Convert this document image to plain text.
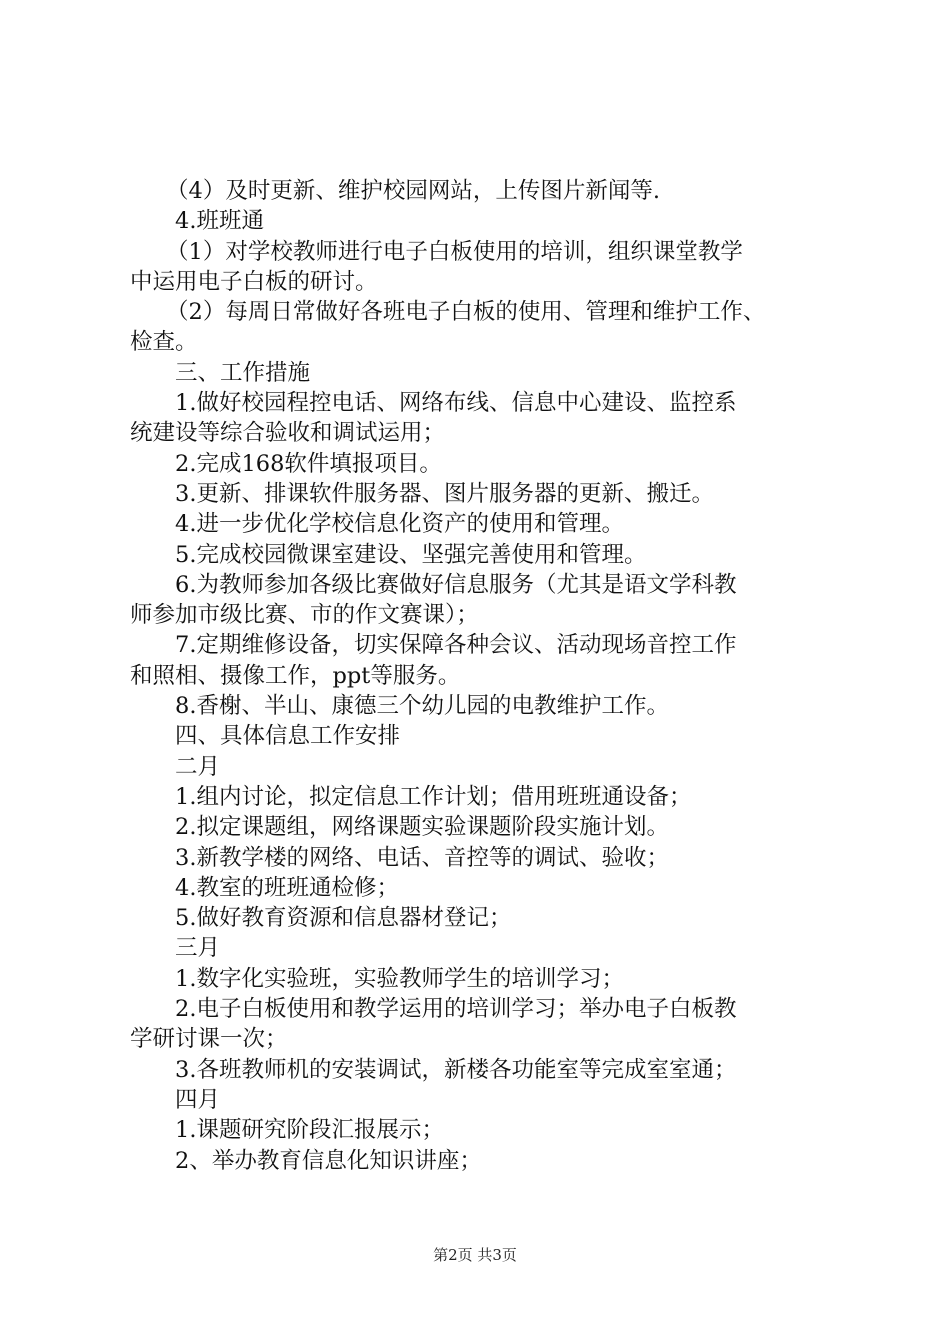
（4）及时更新、维护校园网站，上传图片新闻等.
4.班班通
（1）对学校教师进行电子白板使用的培训，组织课堂教学
中运用电子白板的研讨。
（2）每周日常做好各班电子白板的使用、管理和维护工作、
检查。
三、工作措施
1.做好校园程控电话、网络布线、信息中心建设、监控系
统建设等综合验收和调试运用；
2.完成168软件填报项目。
3.更新、排课软件服务器、图片服务器的更新、搬迁。
4.进一步优化学校信息化资产的使用和管理。
5.完成校园微课室建设、坚强完善使用和管理。
6.为教师参加各级比赛做好信息服务（尤其是语文学科教
师参加市级比赛、市的作文赛课）；
7.定期维修设备，切实保障各种会议、活动现场音控工作
和照相、摄像工作，ppt等服务。
8.香榭、半山、康德三个幼儿园的电教维护工作。
四、具体信息工作安排
二月
1.组内讨论，拟定信息工作计划；借用班班通设备；
2.拟定课题组，网络课题实验课题阶段实施计划。
3.新教学楼的网络、电话、音控等的调试、验收；
4.教室的班班通检修；
5.做好教育资源和信息器材登记；
三月
1.数字化实验班，实验教师学生的培训学习；
2.电子白板使用和教学运用的培训学习；举办电子白板教
学研讨课一次；
3.各班教师机的安装调试，新楼各功能室等完成室室通；
四月
1.课题研究阶段汇报展示；
2、举办教育信息化知识讲座；
第2页 共3页
